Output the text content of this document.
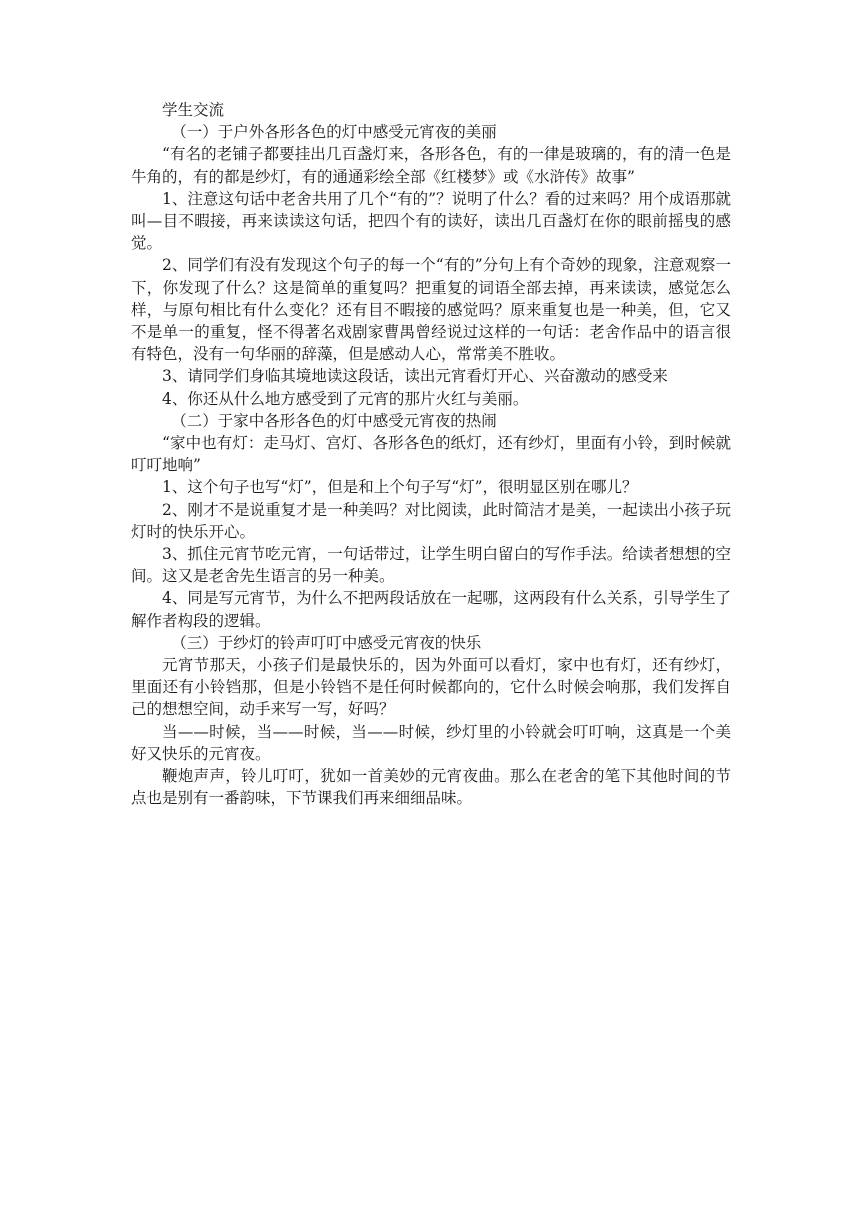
学生交流

（一）于户外各形各色的灯中感受元宵夜的美丽

“有名的老铺子都要挂出几百盏灯来，各形各色，有的一律是玻璃的，有的清一色是牛角的，有的都是纱灯，有的通通彩绘全部《红楼梦》或《水浒传》故事”

1、注意这句话中老舍共用了几个“有的”？说明了什么？看的过来吗？用个成语那就叫—目不暇接，再来读读这句话，把四个有的读好，读出几百盏灯在你的眼前摇曳的感觉。

2、同学们有没有发现这个句子的每一个“有的”分句上有个奇妙的现象，注意观察一下，你发现了什么？这是简单的重复吗？把重复的词语全部去掉，再来读读，感觉怎么样，与原句相比有什么变化？还有目不暇接的感觉吗？原来重复也是一种美，但，它又不是单一的重复，怪不得著名戏剧家曹禺曾经说过这样的一句话：老舍作品中的语言很有特色，没有一句华丽的辞藻，但是感动人心，常常美不胜收。

3、请同学们身临其境地读这段话，读出元宵看灯开心、兴奋激动的感受来

4、你还从什么地方感受到了元宵的那片火红与美丽。

（二）于家中各形各色的灯中感受元宵夜的热闹

“家中也有灯：走马灯、宫灯、各形各色的纸灯，还有纱灯，里面有小铃，到时候就叮叮地响”

1、这个句子也写“灯”，但是和上个句子写“灯”，很明显区别在哪儿？

2、刚才不是说重复才是一种美吗？对比阅读，此时简洁才是美，一起读出小孩子玩灯时的快乐开心。

3、抓住元宵节吃元宵，一句话带过，让学生明白留白的写作手法。给读者想想的空间。这又是老舍先生语言的另一种美。

4、同是写元宵节，为什么不把两段话放在一起哪，这两段有什么关系，引导学生了解作者构段的逻辑。

（三）于纱灯的铃声叮叮中感受元宵夜的快乐

元宵节那天，小孩子们是最快乐的，因为外面可以看灯，家中也有灯，还有纱灯，里面还有小铃铛那，但是小铃铛不是任何时候都向的，它什么时候会响那，我们发挥自己的想想空间，动手来写一写，好吗？

当——时候，当——时候，当——时候，纱灯里的小铃就会叮叮响，这真是一个美好又快乐的元宵夜。

鞭炮声声，铃儿叮叮，犹如一首美妙的元宵夜曲。那么在老舍的笔下其他时间的节点也是别有一番韵味，下节课我们再来细细品味。
